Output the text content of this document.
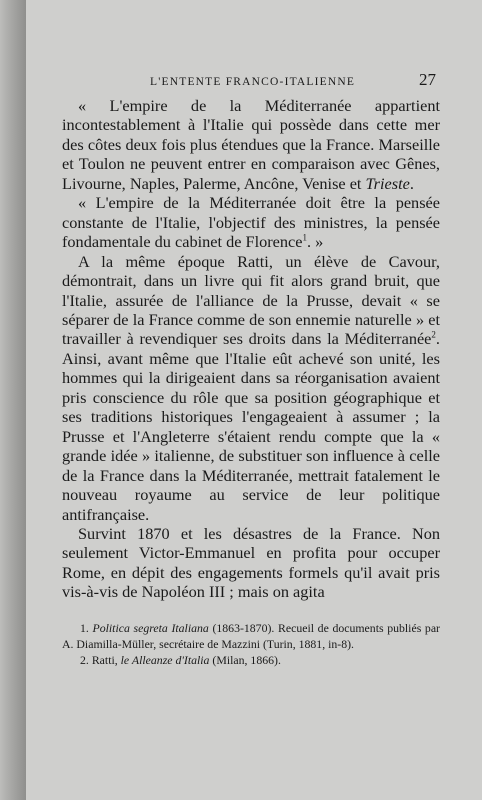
L'ENTENTE FRANCO-ITALIENNE	27

« L'empire de la Méditerranée appartient incontestablement à l'Italie qui possède dans cette mer des côtes deux fois plus étendues que la France. Marseille et Toulon ne peuvent entrer en comparaison avec Gênes, Livourne, Naples, Palerme, Ancône, Venise et Trieste.

« L'empire de la Méditerranée doit être la pensée constante de l'Italie, l'objectif des ministres, la pensée fondamentale du cabinet de Florence$^1$. »

A la même époque Ratti, un élève de Cavour, démontrait, dans un livre qui fit alors grand bruit, que l'Italie, assurée de l'alliance de la Prusse, devait « se séparer de la France comme de son ennemie naturelle » et travailler à revendiquer ses droits dans la Méditerranée$^2$. Ainsi, avant même que l'Italie eût achevé son unité, les hommes qui la dirigeaient dans sa réorganisation avaient pris conscience du rôle que sa position géographique et ses traditions historiques l'engageaient à assumer ; la Prusse et l'Angleterre s'étaient rendu compte que la « grande idée » italienne, de substituer son influence à celle de la France dans la Méditerranée, mettrait fatalement le nouveau royaume au service de leur politique antifrançaise.

Survint 1870 et les désastres de la France. Non seulement Victor-Emmanuel en profita pour occuper Rome, en dépit des engagements formels qu'il avait pris vis-à-vis de Napoléon III ; mais on agita

1. Politica segreta Italiana (1863-1870). Recueil de documents publiés par A. Diamilla-Müller, secrétaire de Mazzini (Turin, 1881, in-8).

2. Ratti, le Alleanze d'Italia (Milan, 1866).
